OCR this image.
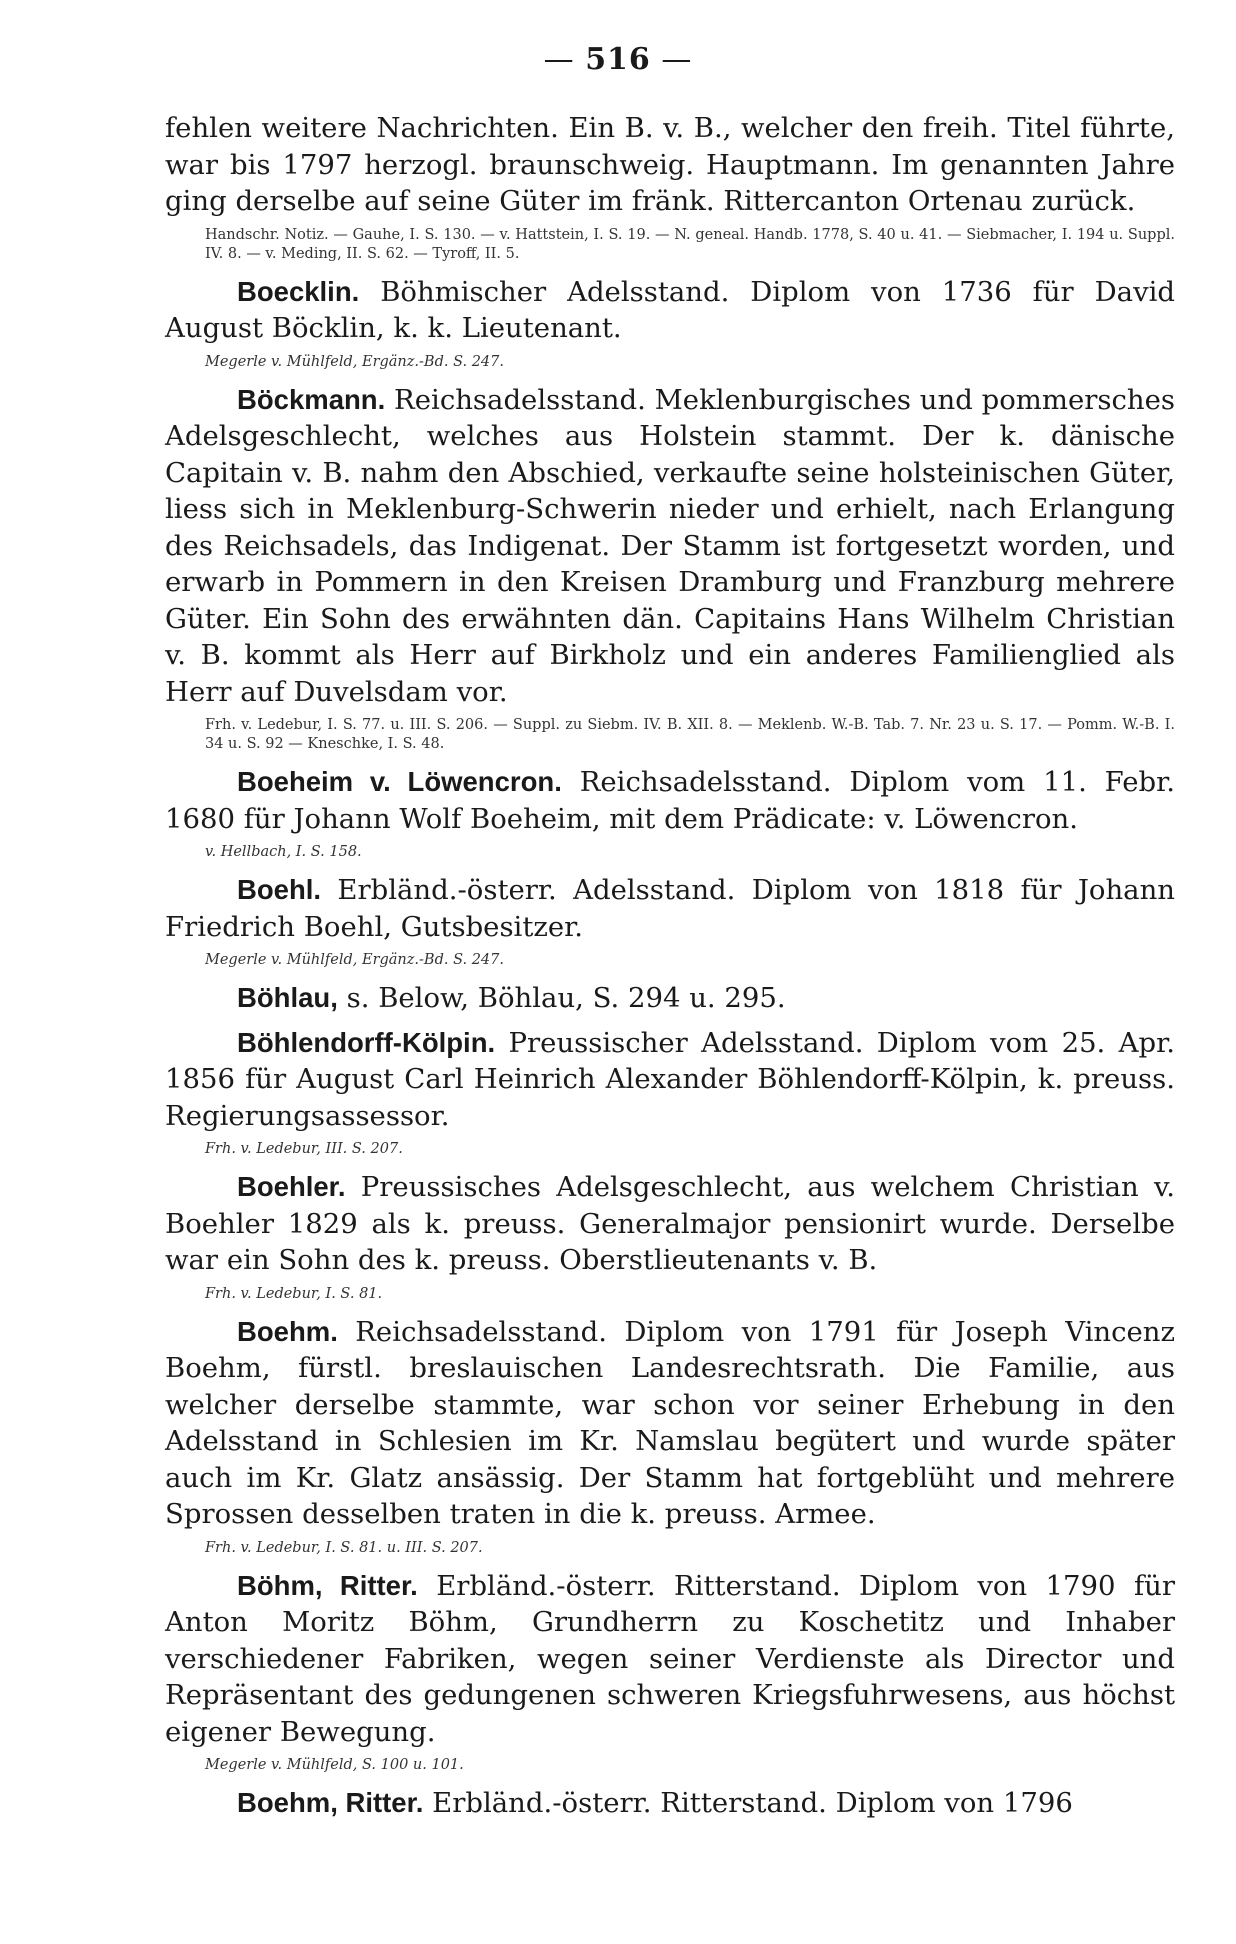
— 516 —

fehlen weitere Nachrichten. Ein B. v. B., welcher den freih. Titel führte, war bis 1797 herzogl. braunschweig. Hauptmann. Im genannten Jahre ging derselbe auf seine Güter im fränk. Rittercanton Ortenau zurück.

Handschr. Notiz. — Gauhe, I. S. 130. — v. Hattstein, I. S. 19. — N. geneal. Handb. 1778, S. 40 u. 41. — Siebmacher, I. 194 u. Suppl. IV. 8. — v. Meding, II. S. 62. — Tyroff, II. 5.

Boecklin. Böhmischer Adelsstand. Diplom von 1736 für David August Böcklin, k. k. Lieutenant.

Megerle v. Mühlfeld, Ergänz.-Bd. S. 247.

Böckmann. Reichsadelsstand. Meklenburgisches und pommersches Adelsgeschlecht, welches aus Holstein stammt. Der k. dänische Capitain v. B. nahm den Abschied, verkaufte seine holsteinischen Güter, liess sich in Meklenburg-Schwerin nieder und erhielt, nach Erlangung des Reichsadels, das Indigenat. Der Stamm ist fortgesetzt worden, und erwarb in Pommern in den Kreisen Dramburg und Franzburg mehrere Güter. Ein Sohn des erwähnten dän. Capitains Hans Wilhelm Christian v. B. kommt als Herr auf Birkholz und ein anderes Familienglied als Herr auf Duvelsdam vor.

Frh. v. Ledebur, I. S. 77. u. III. S. 206. — Suppl. zu Siebm. IV. B. XII. 8. — Meklenb. W.-B. Tab. 7. Nr. 23 u. S. 17. — Pomm. W.-B. I. 34 u. S. 92 — Kneschke, I. S. 48.

Boeheim v. Löwencron. Reichsadelsstand. Diplom vom 11. Febr. 1680 für Johann Wolf Boeheim, mit dem Prädicate: v. Löwencron.

v. Hellbach, I. S. 158.

Boehl. Erbländ.-österr. Adelsstand. Diplom von 1818 für Johann Friedrich Boehl, Gutsbesitzer.

Megerle v. Mühlfeld, Ergänz.-Bd. S. 247.

Böhlau, s. Below, Böhlau, S. 294 u. 295.

Böhlendorff-Kölpin. Preussischer Adelsstand. Diplom vom 25. Apr. 1856 für August Carl Heinrich Alexander Böhlendorff-Kölpin, k. preuss. Regierungsassessor.

Frh. v. Ledebur, III. S. 207.

Boehler. Preussisches Adelsgeschlecht, aus welchem Christian v. Boehler 1829 als k. preuss. Generalmajor pensionirt wurde. Derselbe war ein Sohn des k. preuss. Oberstlieutenants v. B.

Frh. v. Ledebur, I. S. 81.

Boehm. Reichsadelsstand. Diplom von 1791 für Joseph Vincenz Boehm, fürstl. breslauischen Landesrechtsrath. Die Familie, aus welcher derselbe stammte, war schon vor seiner Erhebung in den Adelsstand in Schlesien im Kr. Namslau begütert und wurde später auch im Kr. Glatz ansässig. Der Stamm hat fortgeblüht und mehrere Sprossen desselben traten in die k. preuss. Armee.

Frh. v. Ledebur, I. S. 81. u. III. S. 207.

Böhm, Ritter. Erbländ.-österr. Ritterstand. Diplom von 1790 für Anton Moritz Böhm, Grundherrn zu Koschetitz und Inhaber verschiedener Fabriken, wegen seiner Verdienste als Director und Repräsentant des gedungenen schweren Kriegsfuhrwesens, aus höchst eigener Bewegung.

Megerle v. Mühlfeld, S. 100 u. 101.

Boehm, Ritter. Erbländ.-österr. Ritterstand. Diplom von 1796
